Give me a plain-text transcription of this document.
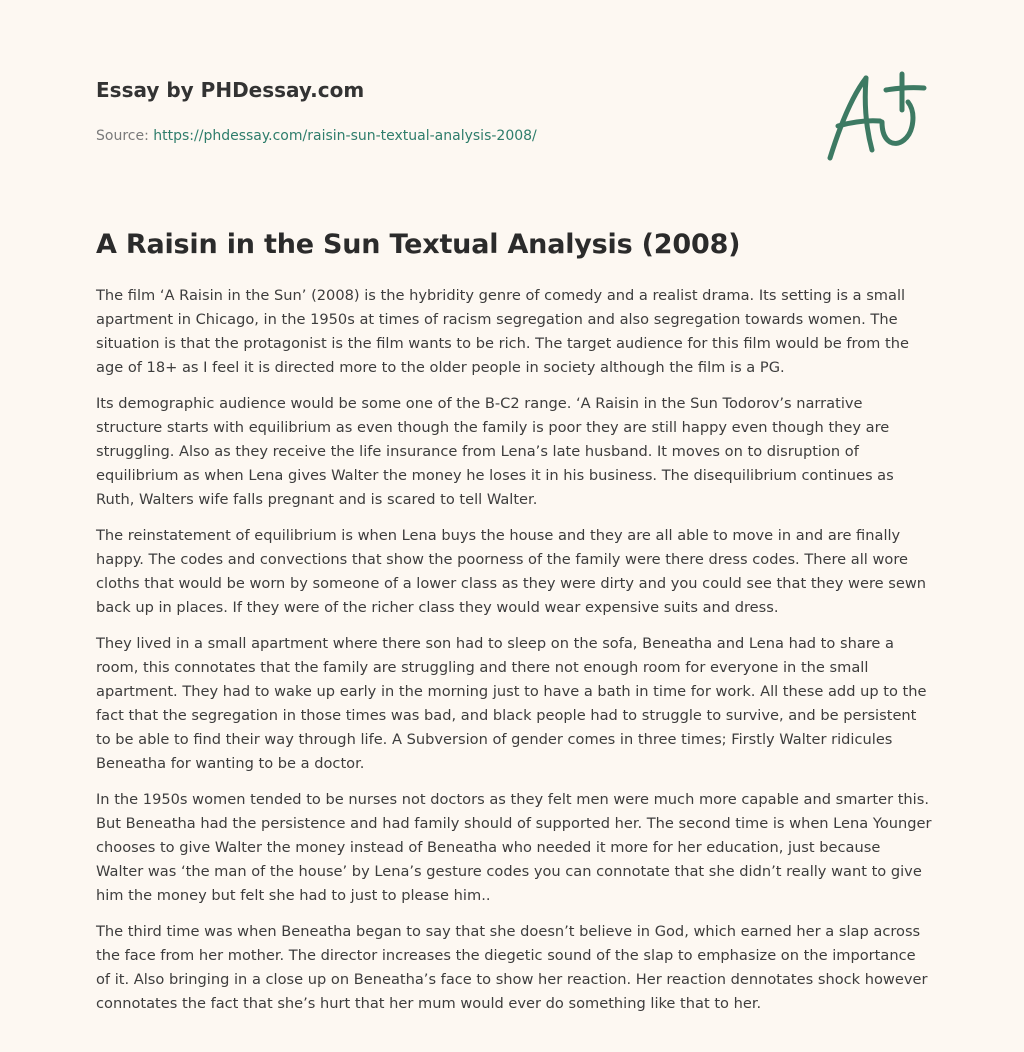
Essay by PHDessay.com
Source: https://phdessay.com/raisin-sun-textual-analysis-2008/
A Raisin in the Sun Textual Analysis (2008)

The film ‘A Raisin in the Sun’ (2008) is the hybridity genre of comedy and a realist drama. Its setting is a small apartment in Chicago, in the 1950s at times of racism segregation and also segregation towards women. The situation is that the protagonist is the film wants to be rich. The target audience for this film would be from the age of 18+ as I feel it is directed more to the older people in society although the film is a PG.

Its demographic audience would be some one of the B-C2 range. ‘A Raisin in the Sun Todorov’s narrative structure starts with equilibrium as even though the family is poor they are still happy even though they are struggling. Also as they receive the life insurance from Lena’s late husband. It moves on to disruption of equilibrium as when Lena gives Walter the money he loses it in his business. The disequilibrium continues as Ruth, Walters wife falls pregnant and is scared to tell Walter.

The reinstatement of equilibrium is when Lena buys the house and they are all able to move in and are finally happy. The codes and convections that show the poorness of the family were there dress codes. There all wore cloths that would be worn by someone of a lower class as they were dirty and you could see that they were sewn back up in places. If they were of the richer class they would wear expensive suits and dress.

They lived in a small apartment where there son had to sleep on the sofa, Beneatha and Lena had to share a room, this connotates that the family are struggling and there not enough room for everyone in the small apartment. They had to wake up early in the morning just to have a bath in time for work. All these add up to the fact that the segregation in those times was bad, and black people had to struggle to survive, and be persistent to be able to find their way through life. A Subversion of gender comes in three times; Firstly Walter ridicules Beneatha for wanting to be a doctor.

In the 1950s women tended to be nurses not doctors as they felt men were much more capable and smarter this. But Beneatha had the persistence and had family should of supported her. The second time is when Lena Younger chooses to give Walter the money instead of Beneatha who needed it more for her education, just because Walter was ‘the man of the house’ by Lena’s gesture codes you can connotate that she didn’t really want to give him the money but felt she had to just to please him..

The third time was when Beneatha began to say that she doesn’t believe in God, which earned her a slap across the face from her mother. The director increases the diegetic sound of the slap to emphasize on the importance of it. Also bringing in a close up on Beneatha’s face to show her reaction. Her reaction dennotates shock however connotates the fact that she’s hurt that her mum would ever do something like that to her.
